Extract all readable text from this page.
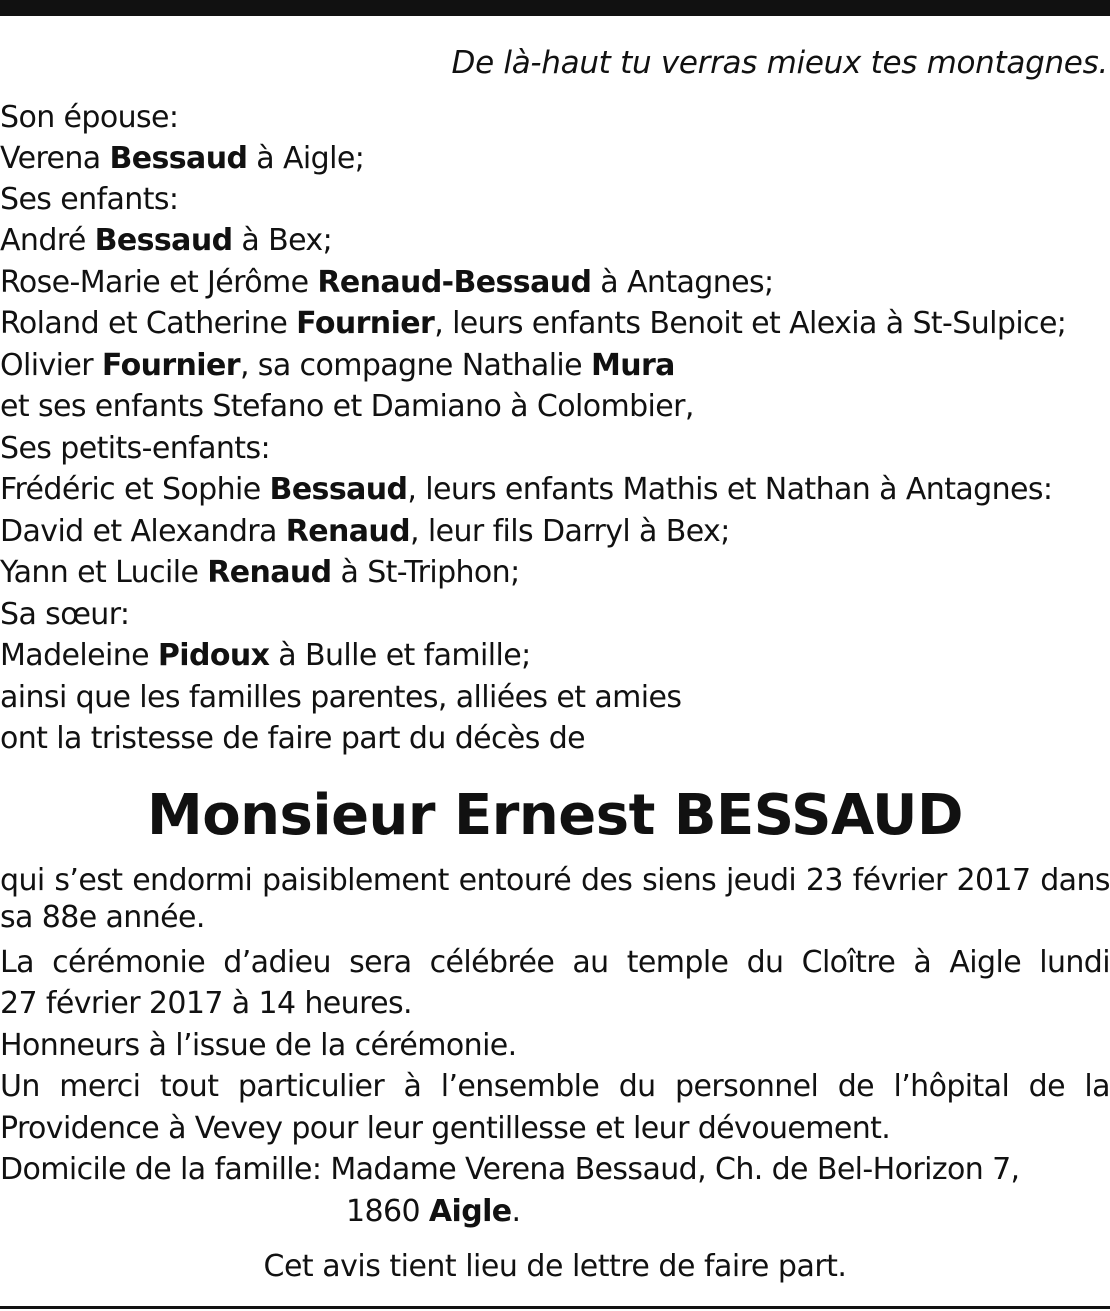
De là-haut tu verras mieux tes montagnes.
Son épouse:
Verena Bessaud à Aigle;
Ses enfants:
André Bessaud à Bex;
Rose-Marie et Jérôme Renaud-Bessaud à Antagnes;
Roland et Catherine Fournier, leurs enfants Benoit et Alexia à St-Sulpice;
Olivier Fournier, sa compagne Nathalie Mura
et ses enfants Stefano et Damiano à Colombier,
Ses petits-enfants:
Frédéric et Sophie Bessaud, leurs enfants Mathis et Nathan à Antagnes:
David et Alexandra Renaud, leur fils Darryl à Bex;
Yann et Lucile Renaud à St-Triphon;
Sa sœur:
Madeleine Pidoux à Bulle et famille;
ainsi que les familles parentes, alliées et amies
ont la tristesse de faire part du décès de
Monsieur Ernest BESSAUD
qui s’est endormi paisiblement entouré des siens jeudi 23 février 2017 dans
sa 88e année.
La cérémonie d’adieu sera célébrée au temple du Cloître à Aigle lundi
27 février 2017 à 14 heures.
Honneurs à l’issue de la cérémonie.
Un merci tout particulier à l’ensemble du personnel de l’hôpital de la
Providence à Vevey pour leur gentillesse et leur dévouement.
Domicile de la famille: Madame Verena Bessaud, Ch. de Bel-Horizon 7,
1860 Aigle.
Cet avis tient lieu de lettre de faire part.
